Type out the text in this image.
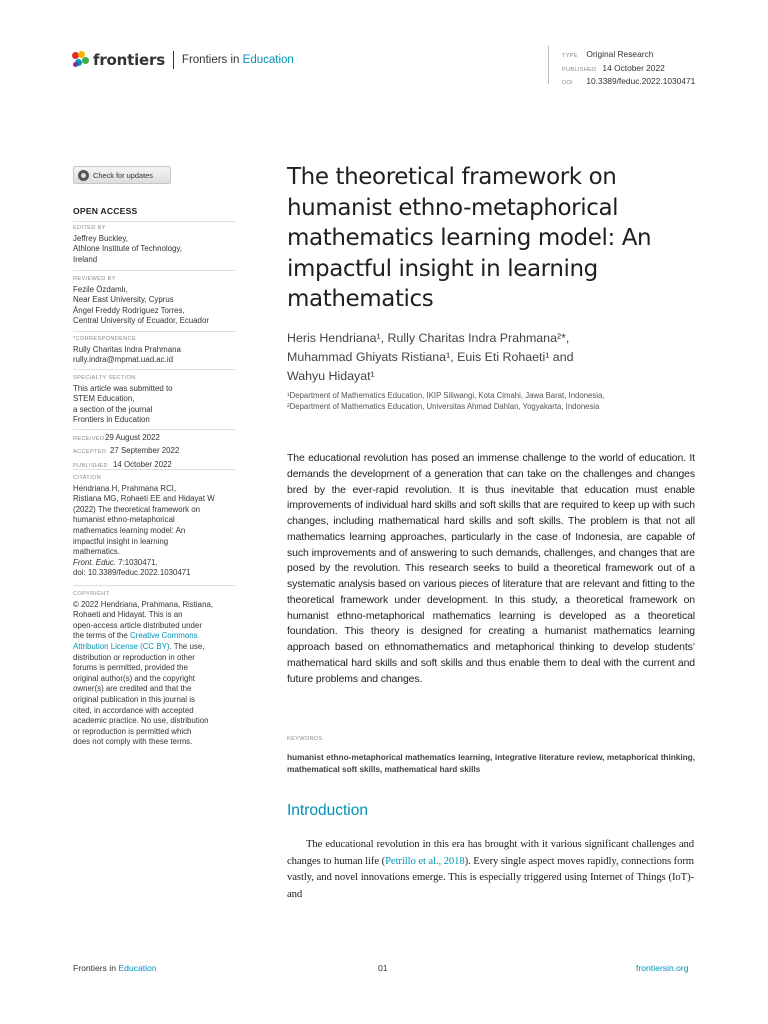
frontiers Frontiers in Education	TYPE Original Research
PUBLISHED 14 October 2022
DOI 10.3389/feduc.2022.1030471
Check for updates
OPEN ACCESS
EDITED BY
Jeffrey Buckley,
Athlone Institute of Technology,
Ireland
REVIEWED BY
Fezile Özdamlı,
Near East University, Cyprus
Ángel Freddy Rodríguez Torres,
Central University of Ecuador, Ecuador
*CORRESPONDENCE
Rully Charitas Indra Prahmana
rully.indra@mpmat.uad.ac.id
SPECIALTY SECTION
This article was submitted to
STEM Education,
a section of the journal
Frontiers in Education
RECEIVED29 August 2022
ACCEPTED 27 September 2022
PUBLISHED 14 October 2022
CITATION
Hendriana H, Prahmana RCI,
Ristiana MG, Rohaeti EE and Hidayat W
(2022) The theoretical framework on
humanist ethno-metaphorical
mathematics learning model: An
impactful insight in learning
mathematics.
Front. Educ. 7:1030471.
doi: 10.3389/feduc.2022.1030471
COPYRIGHT
© 2022 Hendriana, Prahmana, Ristiana,
Rohaeti and Hidayat. This is an
open-access article distributed under
the terms of the Creative Commons
Attribution License (CC BY). The use,
distribution or reproduction in other
forums is permitted, provided the
original author(s) and the copyright
owner(s) are credited and that the
original publication in this journal is
cited, in accordance with accepted
academic practice. No use, distribution
or reproduction is permitted which
does not comply with these terms.
The theoretical framework on humanist ethno-metaphorical mathematics learning model: An impactful insight in learning mathematics
Heris Hendriana¹, Rully Charitas Indra Prahmana²*,
Muhammad Ghiyats Ristiana¹, Euis Eti Rohaeti¹ and
Wahyu Hidayat¹
¹Department of Mathematics Education, IKIP Siliwangi, Kota Cimahi, Jawa Barat, Indonesia,
²Department of Mathematics Education, Universitas Ahmad Dahlan, Yogyakarta, Indonesia
The educational revolution has posed an immense challenge to the world of education. It demands the development of a generation that can take on the challenges and changes bred by the ever-rapid revolution. It is thus inevitable that education must enable improvements of individual hard skills and soft skills that are required to keep up with such changes, including mathematical hard skills and soft skills. The problem is that not all mathematics learning approaches, particularly in the case of Indonesia, are capable of such improvements and of answering to such demands, challenges, and changes that are posed by the revolution. This research seeks to build a theoretical framework out of a systematic analysis based on various pieces of literature that are relevant and fitting to the theoretical framework under development. In this study, a theoretical framework on humanist ethno-metaphorical mathematics learning is developed as a theoretical foundation. This theory is designed for creating a humanist mathematics learning approach based on ethnomathematics and metaphorical thinking to develop students’ mathematical hard skills and soft skills and thus enable them to deal with the current and future problems and changes.
KEYWORDS
humanist ethno-metaphorical mathematics learning, integrative literature review, metaphorical thinking, mathematical soft skills, mathematical hard skills
Introduction
The educational revolution in this era has brought with it various significant challenges and changes to human life (Petrillo et al., 2018). Every single aspect moves rapidly, connections form vastly, and novel innovations emerge. This is especially triggered using Internet of Things (IoT)- and
Frontiers in Education	01	frontiersin.org
